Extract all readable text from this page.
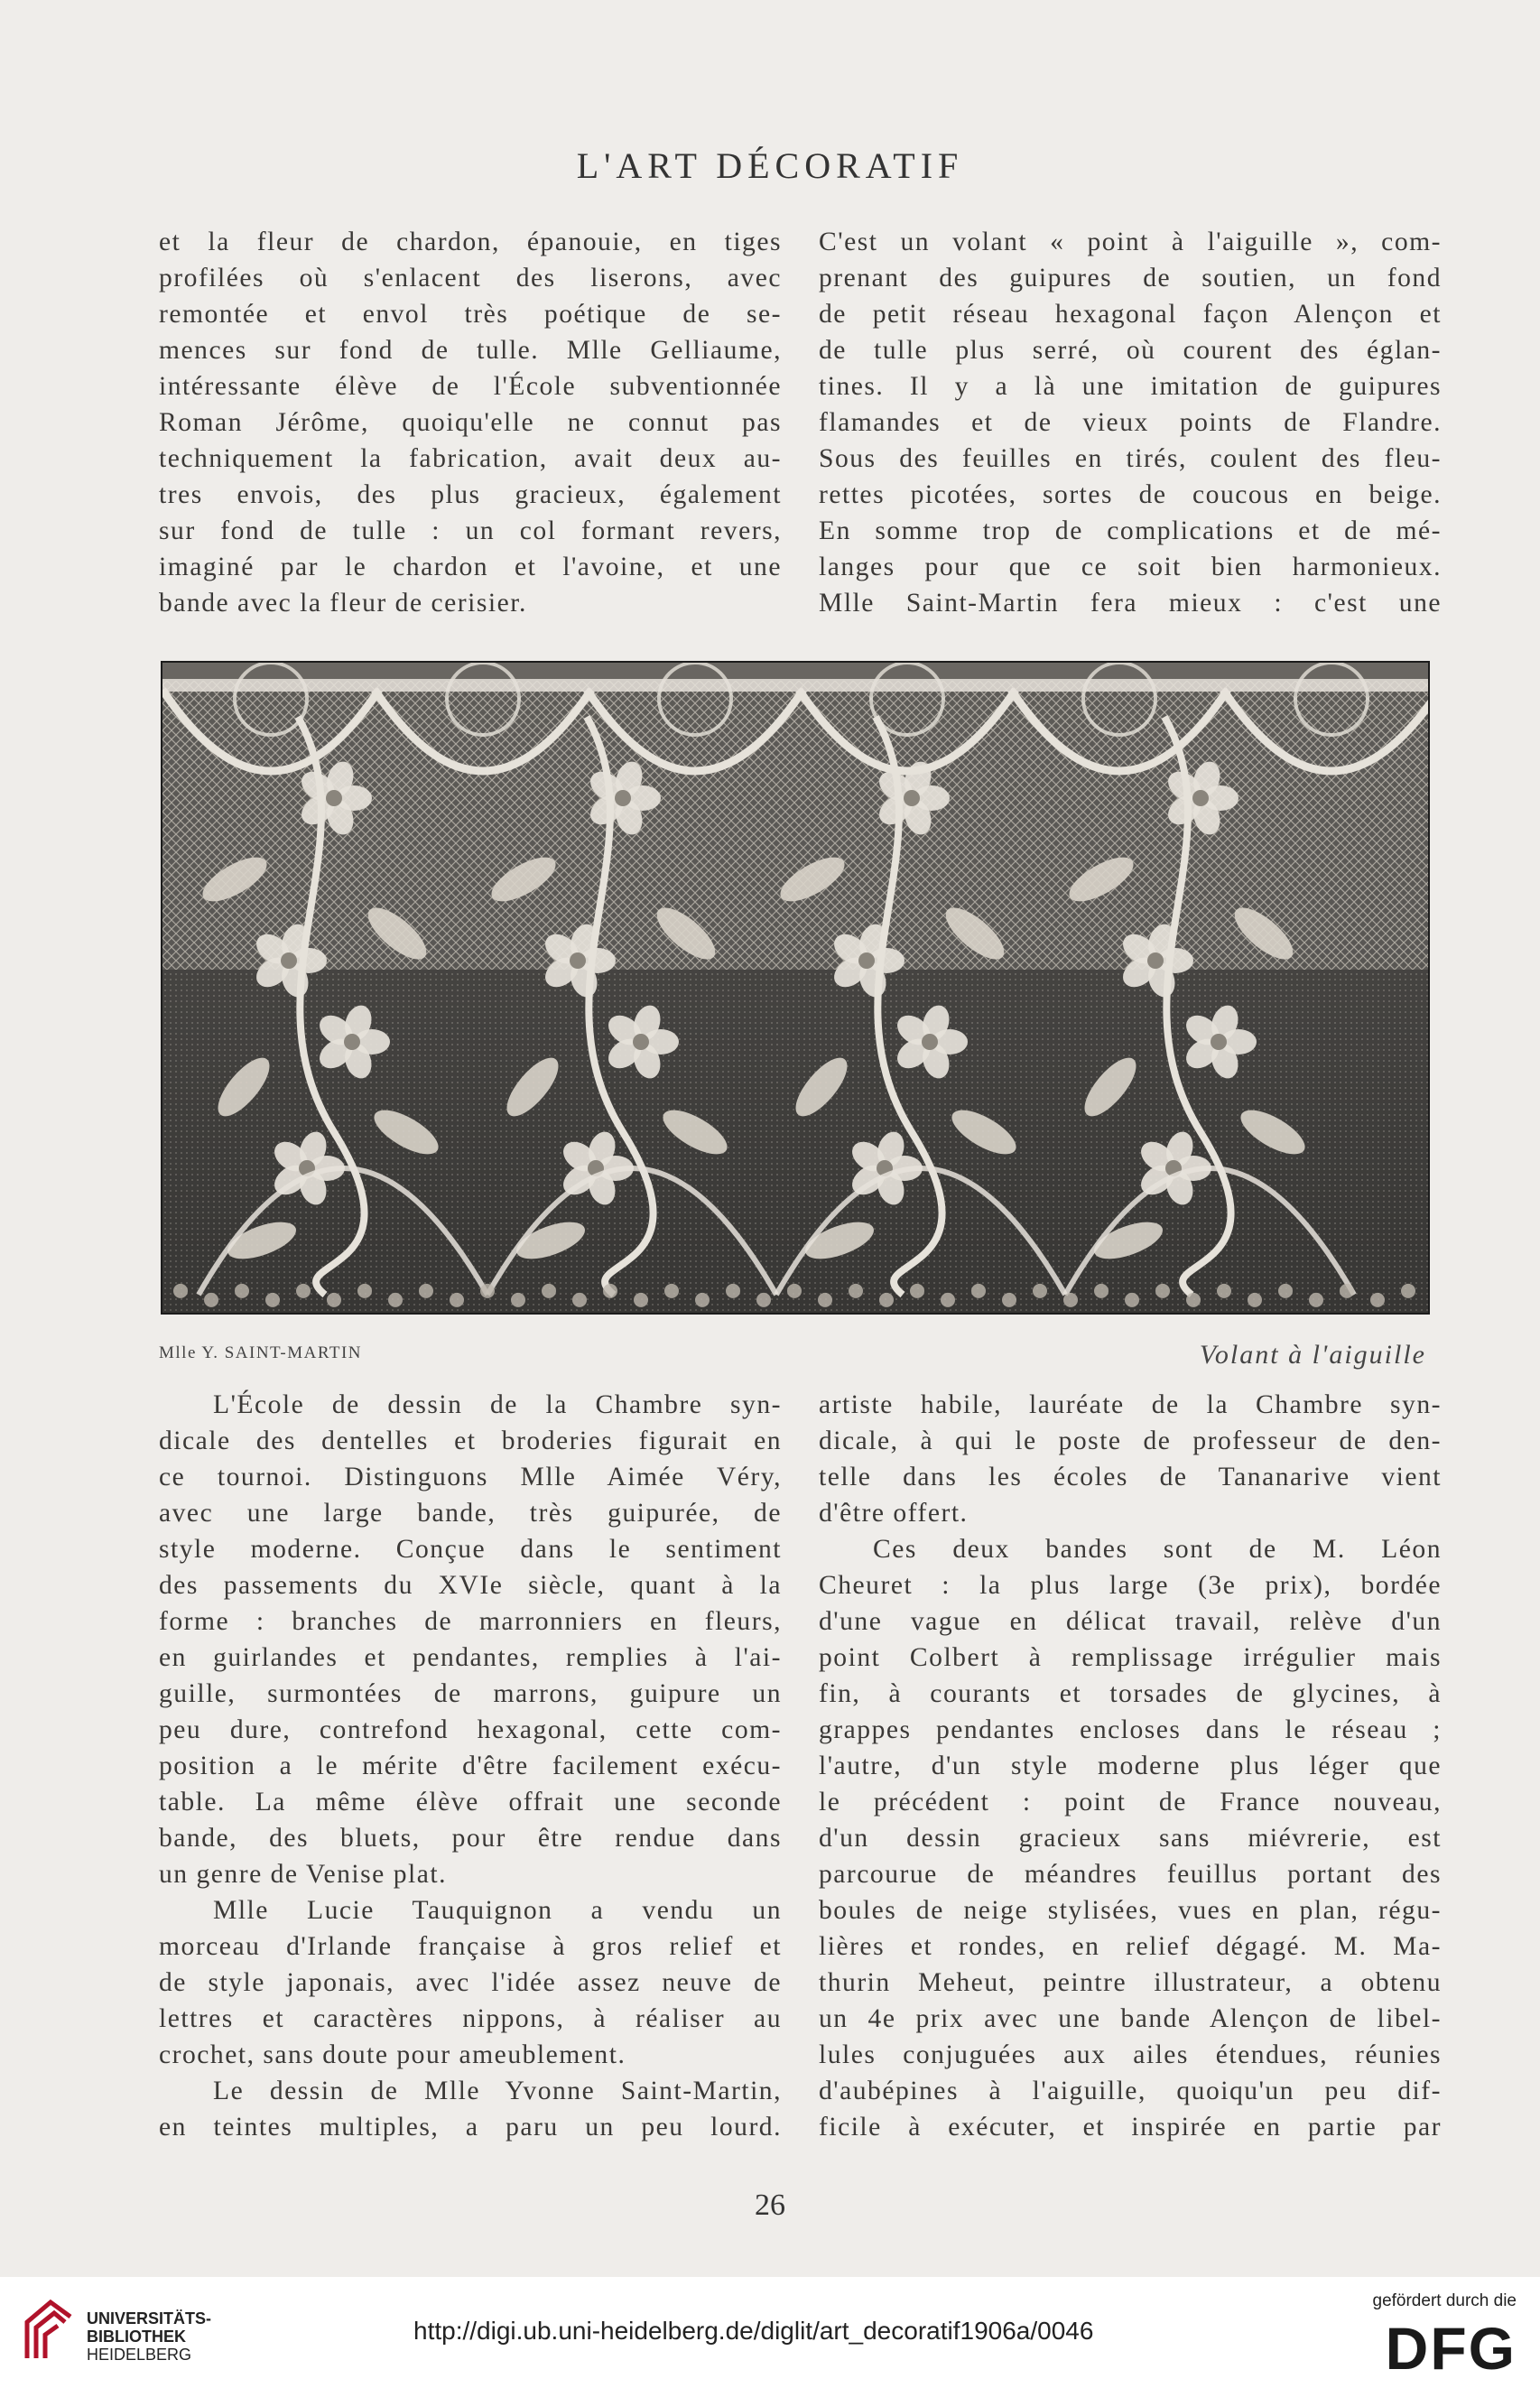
L'ART DÉCORATIF
et la fleur de chardon, épanouie, en tiges
profilées où s'enlacent des liserons, avec
remontée et envol très poétique de se-
mences sur fond de tulle. Mlle Gelliaume,
intéressante élève de l'École subventionnée
Roman Jérôme, quoiqu'elle ne connut pas
techniquement la fabrication, avait deux au-
tres envois, des plus gracieux, également
sur fond de tulle : un col formant revers,
imaginé par le chardon et l'avoine, et une
bande avec la fleur de cerisier.
C'est un volant « point à l'aiguille », com-
prenant des guipures de soutien, un fond
de petit réseau hexagonal façon Alençon et
de tulle plus serré, où courent des églan-
tines. Il y a là une imitation de guipures
flamandes et de vieux points de Flandre.
Sous des feuilles en tirés, coulent des fleu-
rettes picotées, sortes de coucous en beige.
En somme trop de complications et de mé-
langes pour que ce soit bien harmonieux.
Mlle Saint-Martin fera mieux : c'est une
Mlle Y. SAINT-MARTIN	Volant à l'aiguille
L'École de dessin de la Chambre syn-
dicale des dentelles et broderies figurait en
ce tournoi. Distinguons Mlle Aimée Véry,
avec une large bande, très guipurée, de
style moderne. Conçue dans le sentiment
des passements du XVIe siècle, quant à la
forme : branches de marronniers en fleurs,
en guirlandes et pendantes, remplies à l'ai-
guille, surmontées de marrons, guipure un
peu dure, contrefond hexagonal, cette com-
position a le mérite d'être facilement exécu-
table. La même élève offrait une seconde
bande, des bluets, pour être rendue dans
un genre de Venise plat.
Mlle Lucie Tauquignon a vendu un
morceau d'Irlande française à gros relief et
de style japonais, avec l'idée assez neuve de
lettres et caractères nippons, à réaliser au
crochet, sans doute pour ameublement.
Le dessin de Mlle Yvonne Saint-Martin,
en teintes multiples, a paru un peu lourd.
artiste habile, lauréate de la Chambre syn-
dicale, à qui le poste de professeur de den-
telle dans les écoles de Tananarive vient
d'être offert.
Ces deux bandes sont de M. Léon
Cheuret : la plus large (3e prix), bordée
d'une vague en délicat travail, relève d'un
point Colbert à remplissage irrégulier mais
fin, à courants et torsades de glycines, à
grappes pendantes encloses dans le réseau ;
l'autre, d'un style moderne plus léger que
le précédent : point de France nouveau,
d'un dessin gracieux sans miévrerie, est
parcourue de méandres feuillus portant des
boules de neige stylisées, vues en plan, régu-
lières et rondes, en relief dégagé. M. Ma-
thurin Meheut, peintre illustrateur, a obtenu
un 4e prix avec une bande Alençon de libel-
lules conjuguées aux ailes étendues, réunies
d'aubépines à l'aiguille, quoiqu'un peu dif-
ficile à exécuter, et inspirée en partie par
26
UNIVERSITÄTS-
BIBLIOTHEK
HEIDELBERG
http://digi.ub.uni-heidelberg.de/diglit/art_decoratif1906a/0046
gefördert durch die
DFG
